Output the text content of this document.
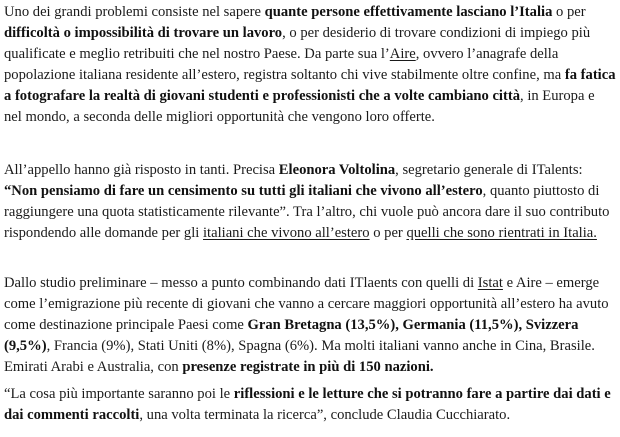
Uno dei grandi problemi consiste nel sapere quante persone effettivamente lasciano l’Italia o per difficoltà o impossibilità di trovare un lavoro, o per desiderio di trovare condizioni di impiego più qualificate e meglio retribuiti che nel nostro Paese. Da parte sua l’Aire, ovvero l’anagrafe della popolazione italiana residente all’estero, registra soltanto chi vive stabilmente oltre confine, ma fa fatica a fotografare la realtà di giovani studenti e professionisti che a volte cambiano città, in Europa e nel mondo, a seconda delle migliori opportunità che vengono loro offerte.

All’appello hanno già risposto in tanti. Precisa Eleonora Voltolina, segretario generale di ITalents: “Non pensiamo di fare un censimento su tutti gli italiani che vivono all’estero, quanto piuttosto di raggiungere una quota statisticamente rilevante”. Tra l’altro, chi vuole può ancora dare il suo contributo rispondendo alle domande per gli italiani che vivono all’estero o per quelli che sono rientrati in Italia.

Dallo studio preliminare – messo a punto combinando dati ITlaents con quelli di Istat e Aire – emerge come l’emigrazione più recente di giovani che vanno a cercare maggiori opportunità all’estero ha avuto come destinazione principale Paesi come Gran Bretagna (13,5%), Germania (11,5%), Svizzera (9,5%), Francia (9%), Stati Uniti (8%), Spagna (6%). Ma molti italiani vanno anche in Cina, Brasile. Emirati Arabi e Australia, con presenze registrate in più di 150 nazioni.

“La cosa più importante saranno poi le riflessioni e le letture che si potranno fare a partire dai dati e dai commenti raccolti, una volta terminata la ricerca”, conclude Claudia Cucchiarato.
